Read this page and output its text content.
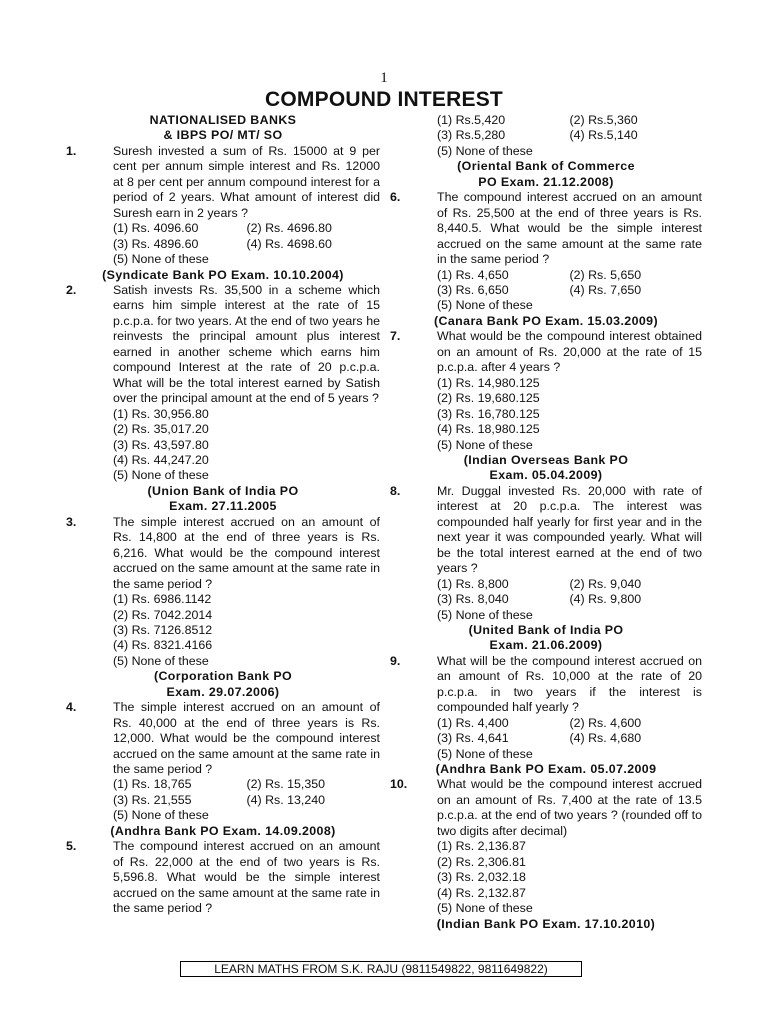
1
COMPOUND INTEREST
NATIONALISED BANKS
& IBPS PO/ MT/ SO
1.	Suresh invested a sum of Rs. 15000 at 9 per cent per annum simple interest and Rs. 12000 at 8 per cent per annum compound interest for a period of 2 years. What amount of interest did Suresh earn in 2 years ?
(1) Rs. 4096.60	(2) Rs. 4696.80
(3) Rs. 4896.60	(4) Rs. 4698.60
(5) None of these
(Syndicate Bank PO Exam. 10.10.2004)
2.	Satish invests Rs. 35,500 in a scheme which earns him simple interest at the rate of 15 p.c.p.a. for two years. At the end of two years he reinvests the principal amount plus interest earned in another scheme which earns him compound Interest at the rate of 20 p.c.p.a. What will be the total interest earned by Satish over the principal amount at the end of 5 years ?
(1) Rs. 30,956.80
(2) Rs. 35,017.20
(3) Rs. 43,597.80
(4) Rs. 44,247.20
(5) None of these
(Union Bank of India PO
Exam. 27.11.2005
3.	The simple interest accrued on an amount of Rs. 14,800 at the end of three years is Rs. 6,216. What would be the compound interest accrued on the same amount at the same rate in the same period ?
(1) Rs. 6986.1142
(2) Rs. 7042.2014
(3) Rs. 7126.8512
(4) Rs. 8321.4166
(5) None of these
(Corporation Bank PO
Exam. 29.07.2006)
4.	The simple interest accrued on an amount of Rs. 40,000 at the end of three years is Rs. 12,000. What would be the compound interest accrued on the same amount at the same rate in the same period ?
(1) Rs. 18,765	(2) Rs. 15,350
(3) Rs. 21,555	(4) Rs. 13,240
(5) None of these
(Andhra Bank PO Exam. 14.09.2008)
5.	The compound interest accrued on an amount of Rs. 22,000 at the end of two years is Rs. 5,596.8. What would be the simple interest accrued on the same amount at the same rate in the same period ?
(1) Rs.5,420	(2) Rs.5,360
(3) Rs.5,280	(4) Rs.5,140
(5) None of these
(Oriental Bank of Commerce
PO Exam. 21.12.2008)
6.	The compound interest accrued on an amount of Rs. 25,500 at the end of three years is Rs. 8,440.5. What would be the simple interest accrued on the same amount at the same rate in the same period ?
(1) Rs. 4,650	(2) Rs. 5,650
(3) Rs. 6,650	(4) Rs. 7,650
(5) None of these
(Canara Bank PO Exam. 15.03.2009)
7.	What would be the compound interest obtained on an amount of Rs. 20,000 at the rate of 15 p.c.p.a. after 4 years ?
(1) Rs. 14,980.125
(2) Rs. 19,680.125
(3) Rs. 16,780.125
(4) Rs. 18,980.125
(5) None of these
(Indian Overseas Bank PO
Exam. 05.04.2009)
8.	Mr. Duggal invested Rs. 20,000 with rate of interest at 20 p.c.p.a. The interest was compounded half yearly for first year and in the next year it was compounded yearly. What will be the total interest earned at the end of two years ?
(1) Rs. 8,800	(2) Rs. 9,040
(3) Rs. 8,040	(4) Rs. 9,800
(5) None of these
(United Bank of India PO
Exam. 21.06.2009)
9.	What will be the compound interest accrued on an amount of Rs. 10,000 at the rate of 20 p.c.p.a. in two years if the interest is compounded half yearly ?
(1) Rs. 4,400	(2) Rs. 4,600
(3) Rs. 4,641	(4) Rs. 4,680
(5) None of these
(Andhra Bank PO Exam. 05.07.2009
10. What would be the compound interest accrued on an amount of Rs. 7,400 at the rate of 13.5 p.c.p.a. at the end of two years ? (rounded off to two digits after decimal)
(1) Rs. 2,136.87
(2) Rs. 2,306.81
(3) Rs. 2,032.18
(4) Rs. 2,132.87
(5) None of these
(Indian Bank PO Exam. 17.10.2010)
LEARN MATHS FROM S.K. RAJU (9811549822, 9811649822)
